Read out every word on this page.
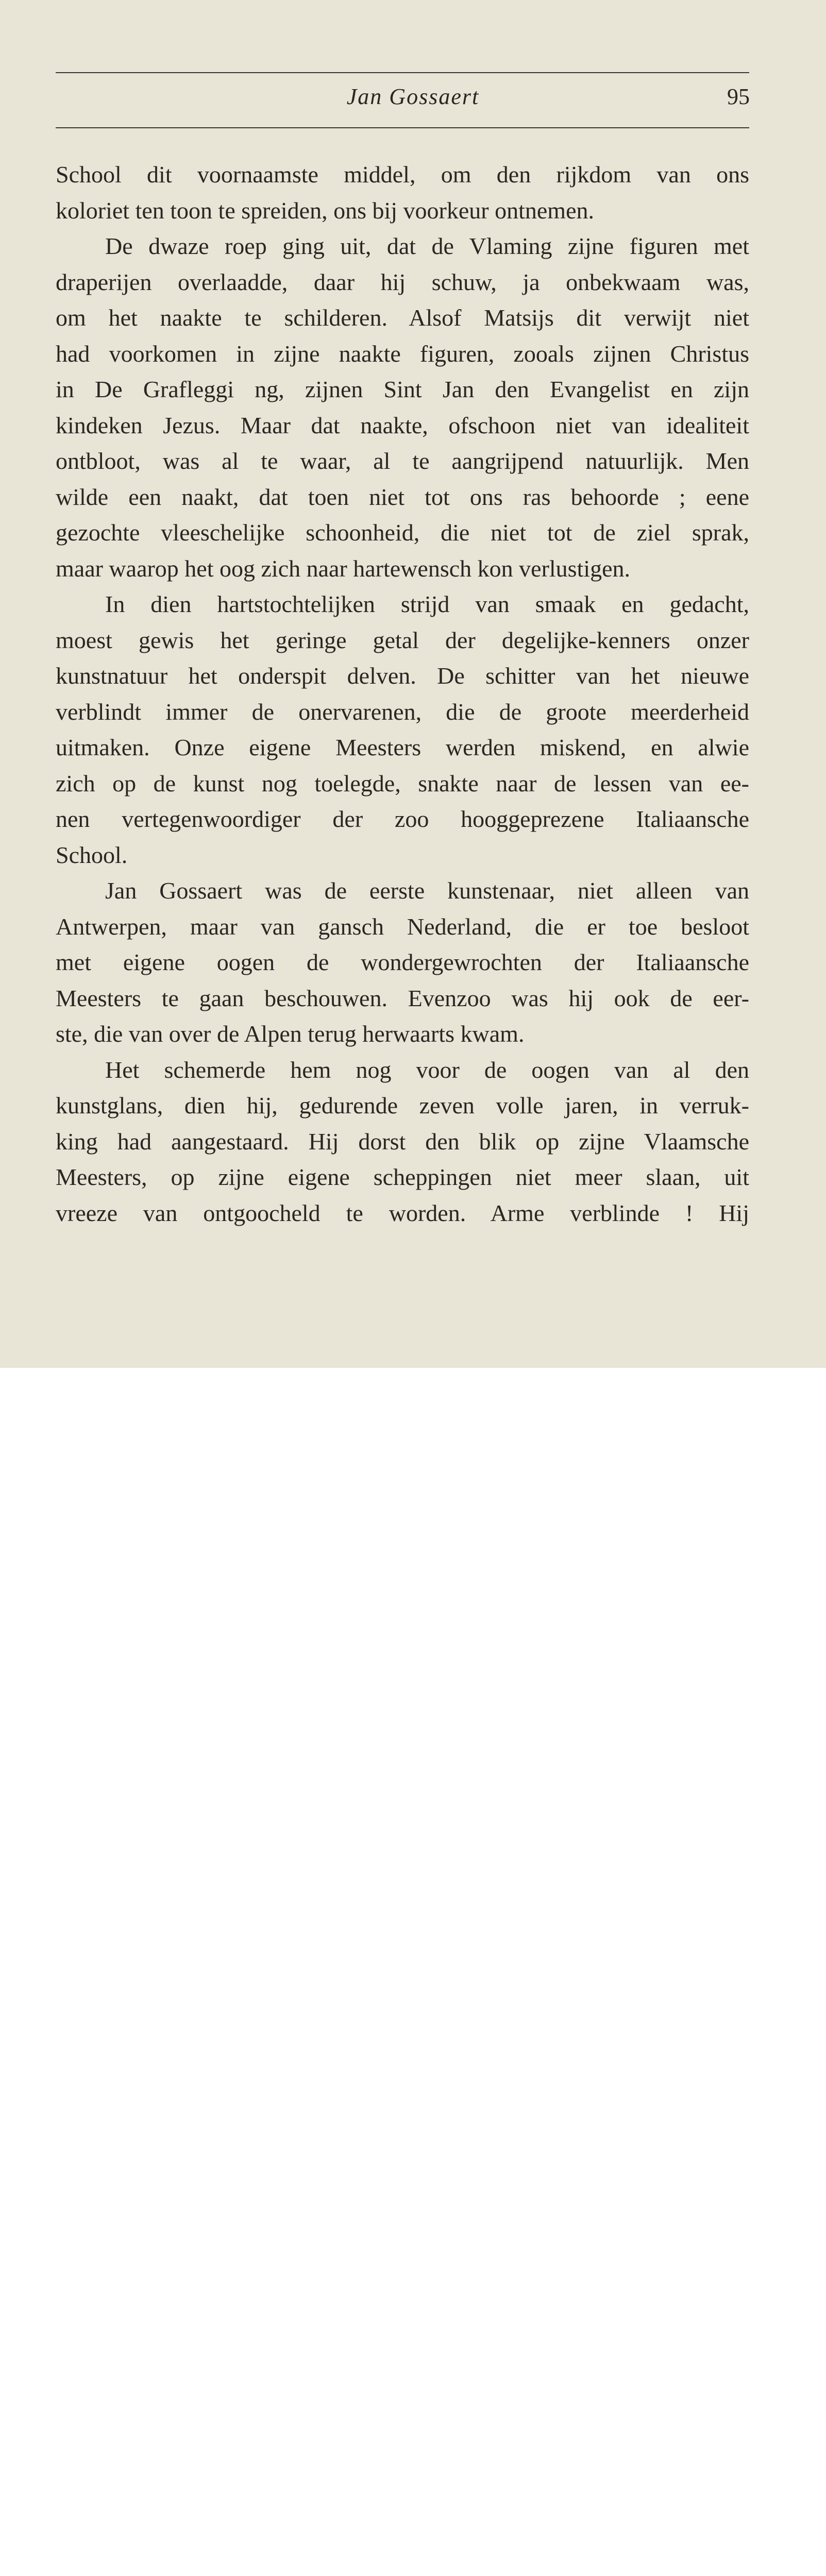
Jan Gossaert	95
School dit voornaamste middel, om den rijkdom van ons
koloriet ten toon te spreiden, ons bij voorkeur ontnemen.
De dwaze roep ging uit, dat de Vlaming zijne figuren met
draperijen overlaadde, daar hij schuw, ja onbekwaam was,
om het naakte te schilderen. Alsof Matsijs dit verwijt niet
had voorkomen in zijne naakte figuren, zooals zijnen Christus
in De Grafleggi ng, zijnen Sint Jan den Evangelist en zijn
kindeken Jezus. Maar dat naakte, ofschoon niet van idealiteit
ontbloot, was al te waar, al te aangrijpend natuurlijk. Men
wilde een naakt, dat toen niet tot ons ras behoorde ; eene
gezochte vleeschelijke schoonheid, die niet tot de ziel sprak,
maar waarop het oog zich naar hartewensch kon verlustigen.
In dien hartstochtelijken strijd van smaak en gedacht,
moest gewis het geringe getal der degelijke-kenners onzer
kunstnatuur het onderspit delven. De schitter van het nieuwe
verblindt immer de onervarenen, die de groote meerderheid
uitmaken. Onze eigene Meesters werden miskend, en alwie
zich op de kunst nog toelegde, snakte naar de lessen van ee-
nen vertegenwoordiger der zoo hooggeprezene Italiaansche
School.
Jan Gossaert was de eerste kunstenaar, niet alleen van
Antwerpen, maar van gansch Nederland, die er toe besloot
met eigene oogen de wondergewrochten der Italiaansche
Meesters te gaan beschouwen. Evenzoo was hij ook de eer-
ste, die van over de Alpen terug herwaarts kwam.
Het schemerde hem nog voor de oogen van al den
kunstglans, dien hij, gedurende zeven volle jaren, in verruk-
king had aangestaard. Hij dorst den blik op zijne Vlaamsche
Meesters, op zijne eigene scheppingen niet meer slaan, uit
vreeze van ontgoocheld te worden. Arme verblinde ! Hij
